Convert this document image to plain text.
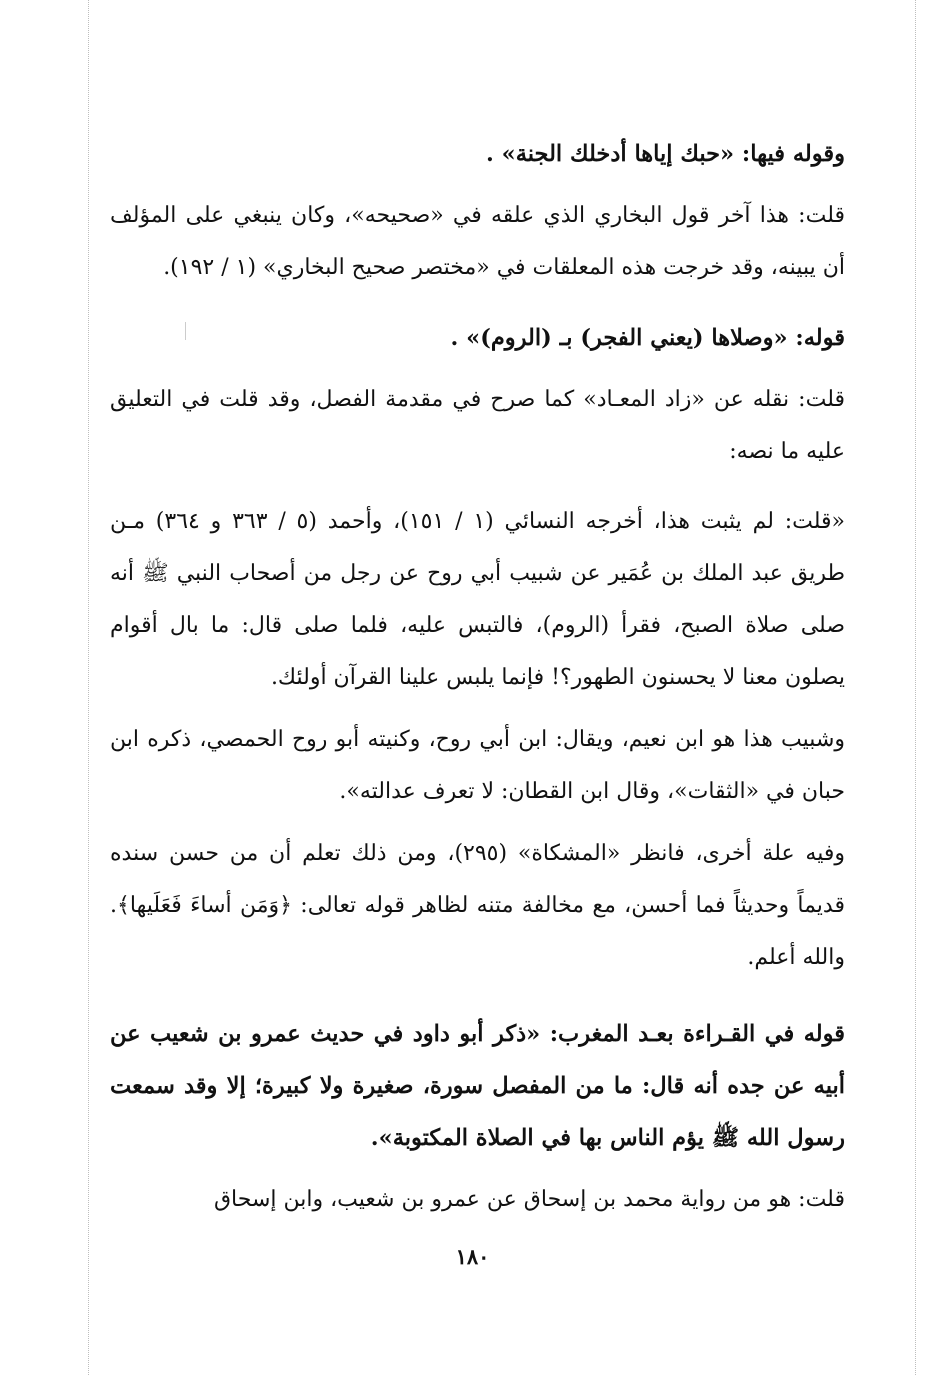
وقوله فيها: «حبك إياها أدخلك الجنة» .

قلت: هذا آخر قول البخاري الذي علقه في «صحيحه»، وكان ينبغي على المؤلف أن يبينه، وقد خرجت هذه المعلقات في «مختصر صحيح البخاري» (١ / ١٩٢).

قوله: «وصلاها (يعني الفجر) بـ (الروم)» .

قلت: نقله عن «زاد المعـاد» كما صرح في مقدمة الفصل، وقد قلت في التعليق عليه ما نصه:

«قلت: لم يثبت هذا، أخرجه النسائي (١ / ١٥١)، وأحمد (٥ / ٣٦٣ و ٣٦٤) مـن طريق عبد الملك بن عُمَير عن شبيب أبي روح عن رجل من أصحاب النبي ﷺ أنه صلى صلاة الصبح، فقرأ (الروم)، فالتبس عليه، فلما صلى قال: ما بال أقوام يصلون معنا لا يحسنون الطهور؟! فإنما يلبس علينا القرآن أولئك.

وشبيب هذا هو ابن نعيم، ويقال: ابن أبي روح، وكنيته أبو روح الحمصي، ذكره ابن حبان في «الثقات»، وقال ابن القطان: لا تعرف عدالته».

وفيه علة أخرى، فانظر «المشكاة» (٢٩٥)، ومن ذلك تعلم أن من حسن سنده قديماً وحديثاً فما أحسن، مع مخالفة متنه لظاهر قوله تعالى: ﴿وَمَن أساءَ فَعَلَيها﴾. والله أعلم.

قوله في القـراءة بعـد المغرب: «ذكر أبو داود في حديث عمرو بن شعيب عن أبيه عن جده أنه قال: ما من المفصل سورة، صغيرة ولا كبيرة؛ إلا وقد سمعت رسول الله ﷺ يؤم الناس بها في الصلاة المكتوبة».

قلت: هو من رواية محمد بن إسحاق عن عمرو بن شعيب، وابن إسحاق

١٨٠
